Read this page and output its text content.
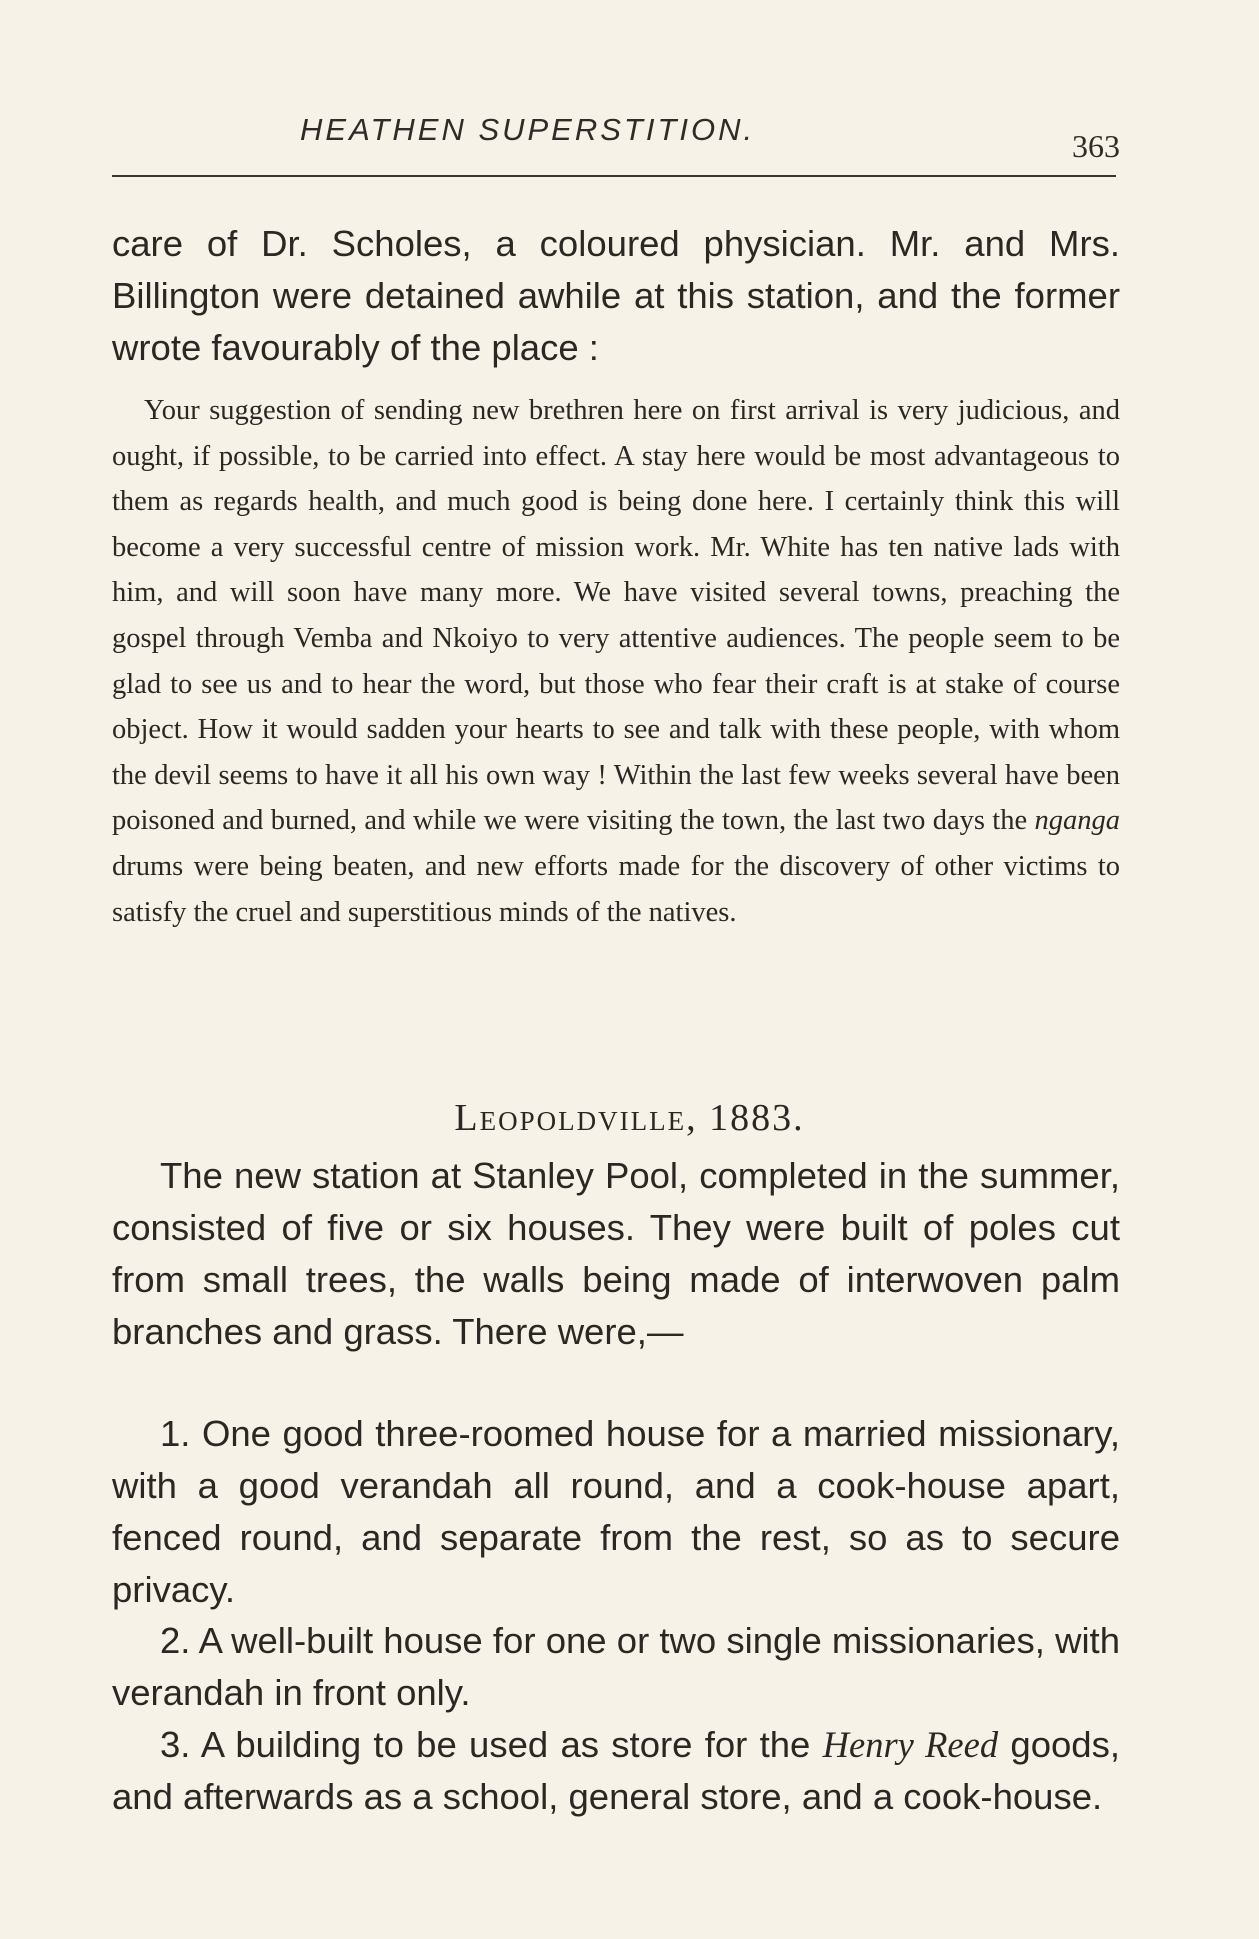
HEATHEN SUPERSTITION.	363

care of Dr. Scholes, a coloured physician. Mr. and Mrs. Billington were detained awhile at this station, and the former wrote favourably of the place :

Your suggestion of sending new brethren here on first arrival is very judicious, and ought, if possible, to be carried into effect. A stay here would be most advantageous to them as regards health, and much good is being done here. I certainly think this will become a very successful centre of mission work. Mr. White has ten native lads with him, and will soon have many more. We have visited several towns, preaching the gospel through Vemba and Nkoiyo to very attentive audiences. The people seem to be glad to see us and to hear the word, but those who fear their craft is at stake of course object. How it would sadden your hearts to see and talk with these people, with whom the devil seems to have it all his own way ! Within the last few weeks several have been poisoned and burned, and while we were visiting the town, the last two days the nganga drums were being beaten, and new efforts made for the discovery of other victims to satisfy the cruel and superstitious minds of the natives.

Leopoldville, 1883.

The new station at Stanley Pool, completed in the summer, consisted of five or six houses. They were built of poles cut from small trees, the walls being made of interwoven palm branches and grass. There were,—

1. One good three-roomed house for a married missionary, with a good verandah all round, and a cook-house apart, fenced round, and separate from the rest, so as to secure privacy.

2. A well-built house for one or two single missionaries, with verandah in front only.

3. A building to be used as store for the Henry Reed goods, and afterwards as a school, general store, and a cook-house.
